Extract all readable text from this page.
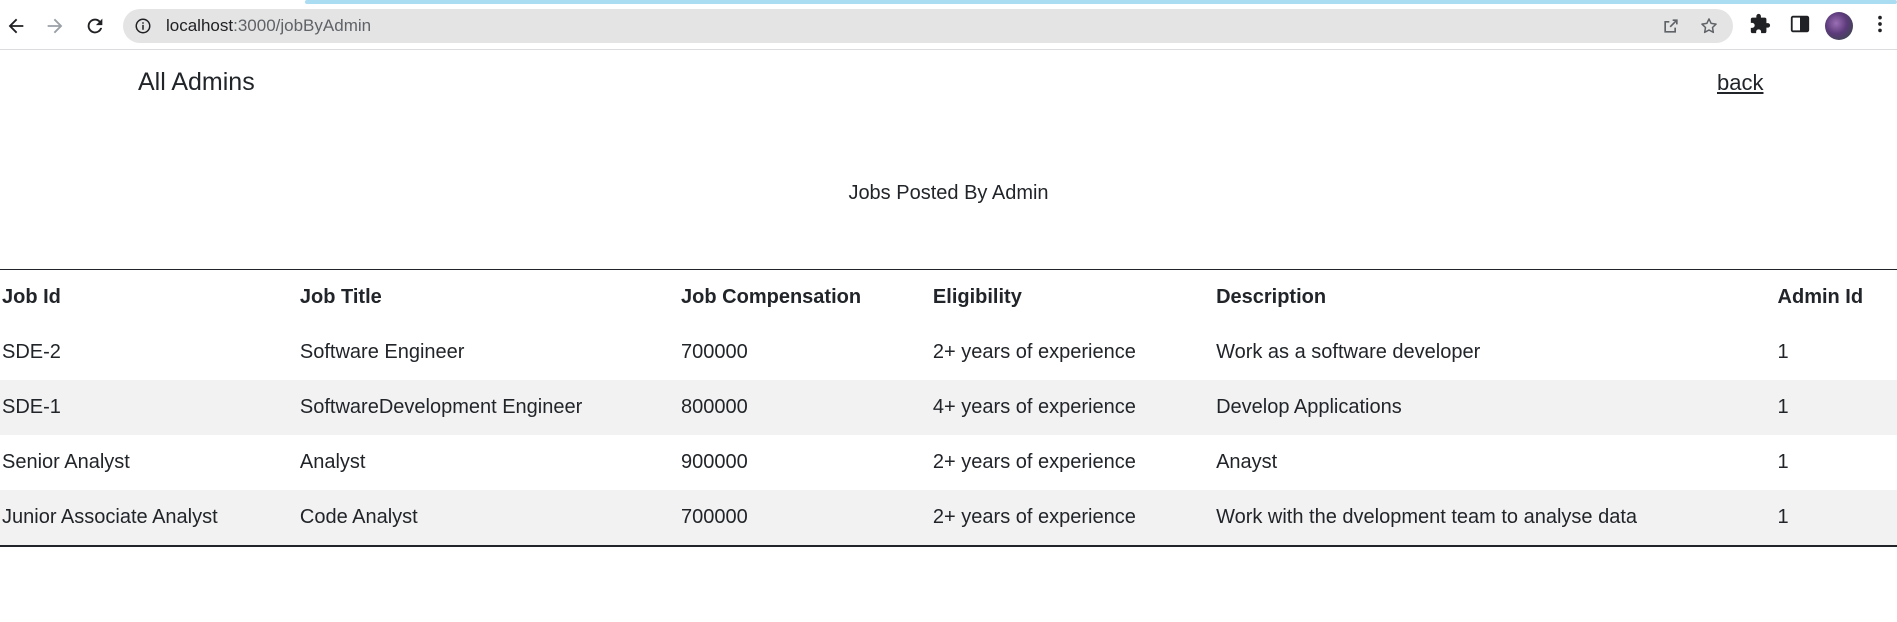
localhost:3000/jobByAdmin
All Admins	back
Jobs Posted By Admin
Job Id	Job Title	Job Compensation	Eligibility	Description	Admin Id
SDE-2	Software Engineer	700000	2+ years of experience	Work as a software developer	1
SDE-1	SoftwareDevelopment Engineer	800000	4+ years of experience	Develop Applications	1
Senior Analyst	Analyst	900000	2+ years of experience	Anayst	1
Junior Associate Analyst	Code Analyst	700000	2+ years of experience	Work with the dvelopment team to analyse data	1
